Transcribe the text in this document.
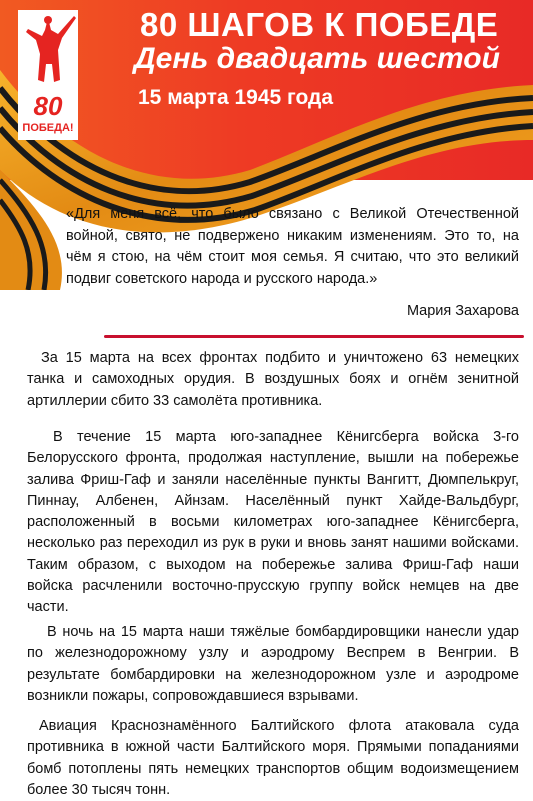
80
ПОБЕДА!
80 ШАГОВ К ПОБЕДЕ
День двадцать шестой
15 марта 1945 года
«Для меня всё, что было связано с Великой Отечественной войной, свято, не подвержено никаким изменениям. Это то, на чём я стою, на чём стоит моя семья. Я считаю, что это великий подвиг советского народа и русского народа.»
Мария Захарова
За 15 марта на всех фронтах подбито и уничтожено 63 немецких танка и самоходных орудия. В воздушных боях и огнём зенитной артиллерии сбито 33 самолёта противника.
В течение 15 марта юго-западнее Кёнигсберга войска 3-го Белорусского фронта, продолжая наступление, вышли на побережье залива Фриш-Гаф и заняли населённые пункты Вангитт, Дюмпелькруг, Пиннау, Албенен, Айнзам. Населённый пункт Хайде-Вальдбург, расположенный в восьми километрах юго-западнее Кёнигсберга, несколько раз переходил из рук в руки и вновь занят нашими войсками. Таким образом, с выходом на побережье залива Фриш-Гаф наши войска расчленили восточно-прусскую группу войск немцев на две части.
В ночь на 15 марта наши тяжёлые бомбардировщики нанесли удар по железнодорожному узлу и аэродрому Веспрем в Венгрии. В результате бомбардировки на железнодорожном узле и аэродроме возникли пожары, сопровождавшиеся взрывами.
Авиация Краснознамённого Балтийского флота атаковала суда противника в южной части Балтийского моря. Прямыми попаданиями бомб потоплены пять немецких транспортов общим водоизмещением более 30 тысяч тонн.
